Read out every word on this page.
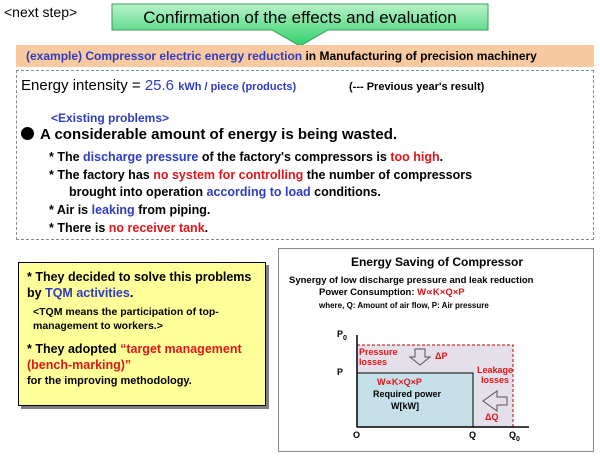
<next step>	Confirmation of the effects and evaluation
(example) Compressor electric energy reduction in Manufacturing of precision machinery
Energy intensity = 25.6 kWh / piece (products)	(--- Previous year's result)
<Existing problems>
A considerable amount of energy is being wasted.
* The discharge pressure of the factory's compressors is too high.
* The factory has no system for controlling the number of compressors
brought into operation according to load conditions.
* Air is leaking from piping.
* There is no receiver tank.
* They decided to solve this problems by TQM activities.
<TQM means the participation of top-management to workers.>
* They adopted “target management (bench-marking)”
for the improving methodology.
Energy Saving of Compressor
Synergy of low discharge pressure and leak reduction
Power Consumption: W∝K×Q×P
where, Q: Amount of air flow, P: Air pressure
$P_0$
P
O	Q	$Q_0$
Pressure losses
ΔP
Leakage losses
ΔQ
W∝K×Q×P
Required power
W[kW]
